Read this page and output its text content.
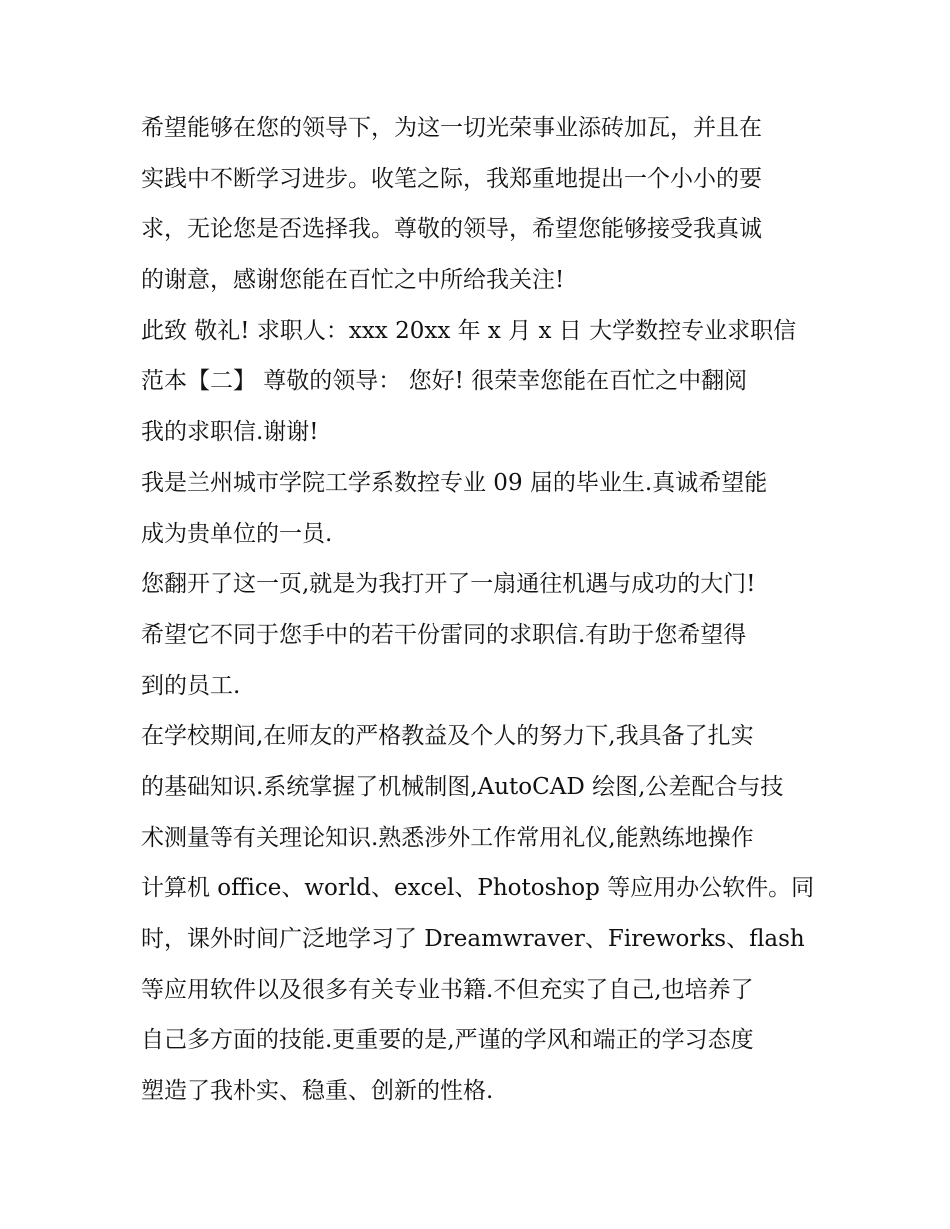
希望能够在您的领导下，为这一切光荣事业添砖加瓦，并且在
实践中不断学习进步。收笔之际，我郑重地提出一个小小的要
求，无论您是否选择我。尊敬的领导，希望您能够接受我真诚
的谢意，感谢您能在百忙之中所给我关注!
此致 敬礼! 求职人：xxx 20xx 年 x 月 x 日 大学数控专业求职信
范本【二】 尊敬的领导： 您好! 很荣幸您能在百忙之中翻阅
我的求职信.谢谢!
我是兰州城市学院工学系数控专业 09 届的毕业生.真诚希望能
成为贵单位的一员.
您翻开了这一页,就是为我打开了一扇通往机遇与成功的大门!
希望它不同于您手中的若干份雷同的求职信.有助于您希望得
到的员工.
在学校期间,在师友的严格教益及个人的努力下,我具备了扎实
的基础知识.系统掌握了机械制图,AutoCAD 绘图,公差配合与技
术测量等有关理论知识.熟悉涉外工作常用礼仪,能熟练地操作
计算机 office、world、excel、Photoshop 等应用办公软件。同
时，课外时间广泛地学习了 Dreamwraver、Fireworks、flash
等应用软件以及很多有关专业书籍.不但充实了自己,也培养了
自己多方面的技能.更重要的是,严谨的学风和端正的学习态度
塑造了我朴实、稳重、创新的性格.
